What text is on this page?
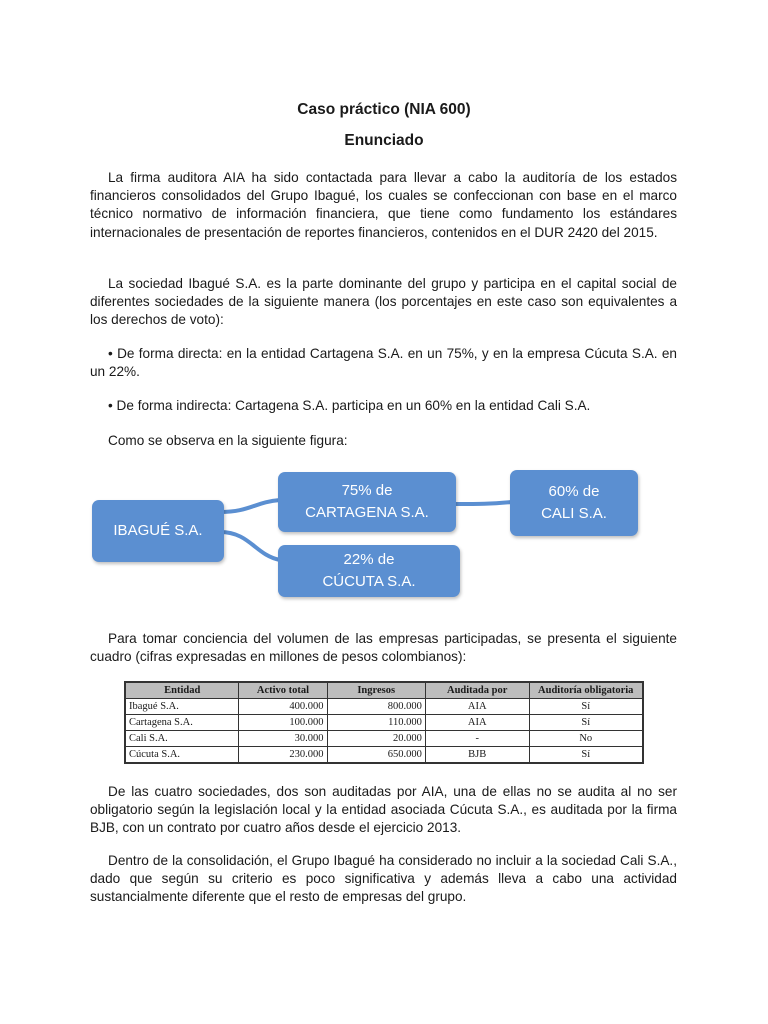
Caso práctico (NIA 600)
Enunciado

La firma auditora AIA ha sido contactada para llevar a cabo la auditoría de los estados financieros consolidados del Grupo Ibagué, los cuales se confeccionan con base en el marco técnico normativo de información financiera, que tiene como fundamento los estándares internacionales de presentación de reportes financieros, contenidos en el DUR 2420 del 2015.

La sociedad Ibagué S.A. es la parte dominante del grupo y participa en el capital social de diferentes sociedades de la siguiente manera (los porcentajes en este caso son equivalentes a los derechos de voto):

• De forma directa: en la entidad Cartagena S.A. en un 75%, y en la empresa Cúcuta S.A. en un 22%.

• De forma indirecta: Cartagena S.A. participa en un 60% en la entidad Cali S.A.

Como se observa en la siguiente figura:

IBAGUÉ S.A.
75% de
CARTAGENA S.A.
60% de
CALI S.A.
22% de
CÚCUTA S.A.

Para tomar conciencia del volumen de las empresas participadas, se presenta el siguiente cuadro (cifras expresadas en millones de pesos colombianos):

Entidad	Activo total	Ingresos	Auditada por	Auditoría obligatoria
Ibagué S.A.	400.000	800.000	AIA	Sí
Cartagena S.A.	100.000	110.000	AIA	Sí
Cali S.A.	30.000	20.000	-	No
Cúcuta S.A.	230.000	650.000	BJB	Sí

De las cuatro sociedades, dos son auditadas por AIA, una de ellas no se audita al no ser obligatorio según la legislación local y la entidad asociada Cúcuta S.A., es auditada por la firma BJB, con un contrato por cuatro años desde el ejercicio 2013.

Dentro de la consolidación, el Grupo Ibagué ha considerado no incluir a la sociedad Cali S.A., dado que según su criterio es poco significativa y además lleva a cabo una actividad sustancialmente diferente que el resto de empresas del grupo.
